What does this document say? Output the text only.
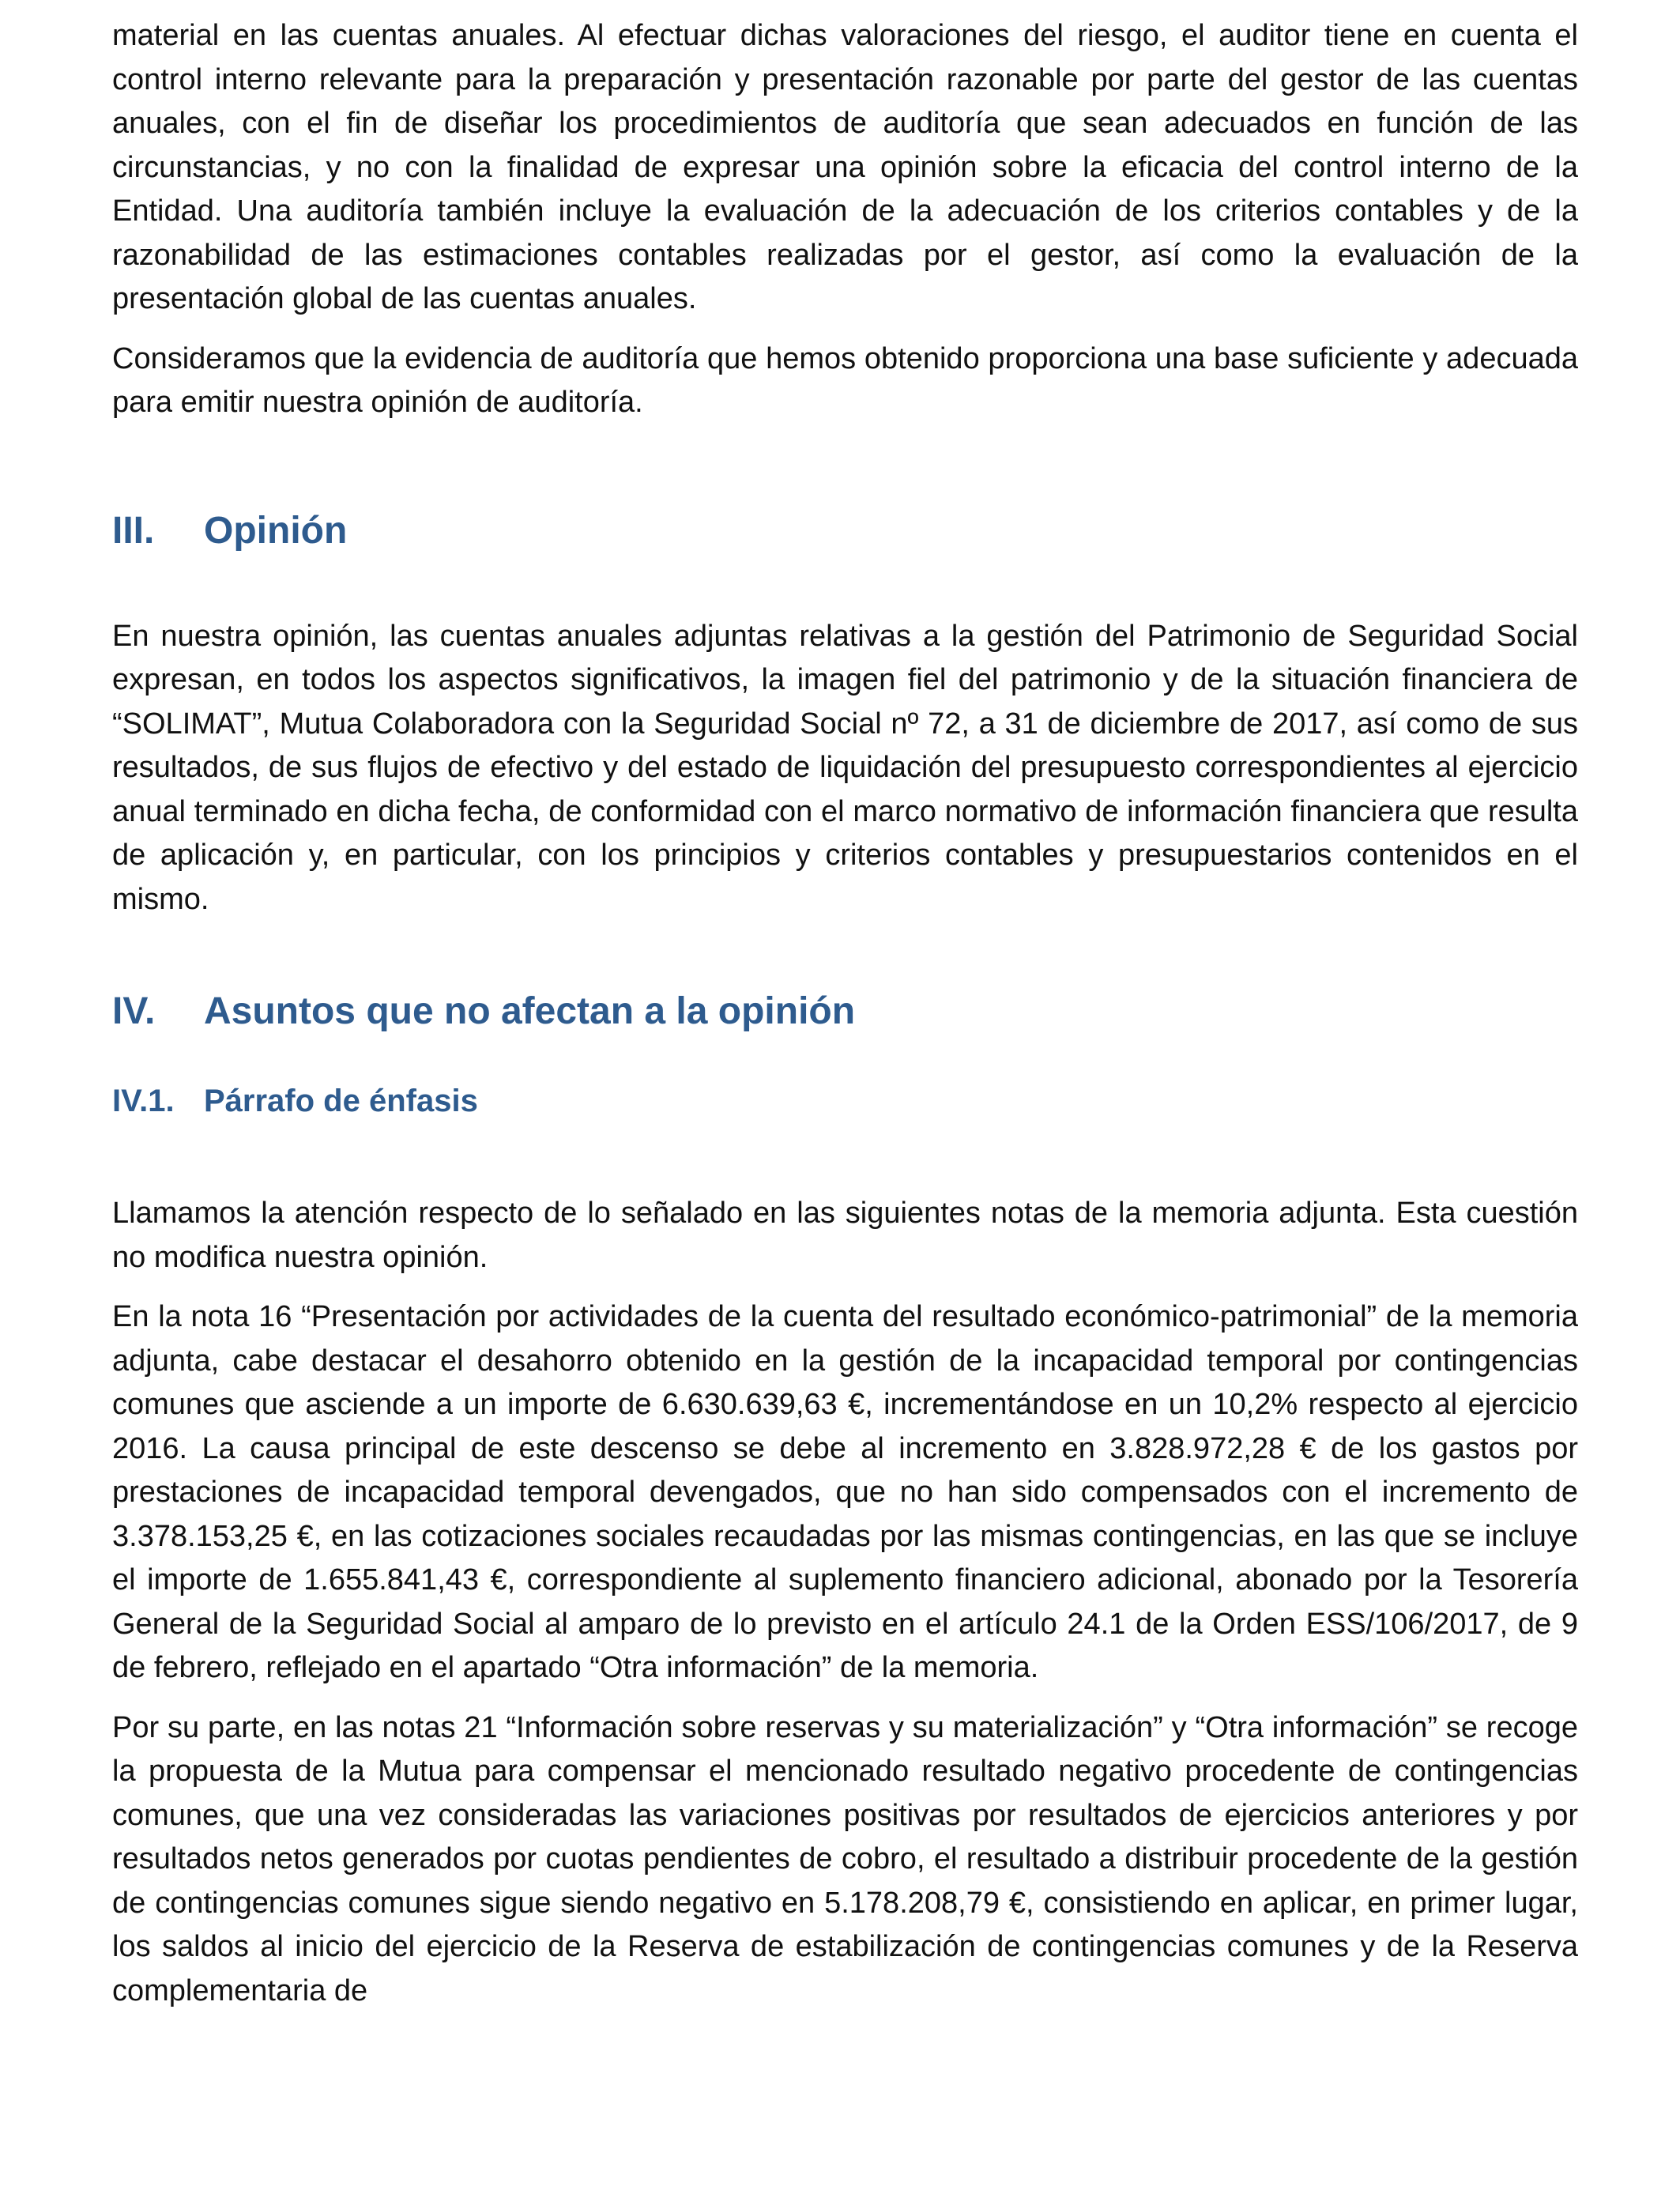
material en las cuentas anuales. Al efectuar dichas valoraciones del riesgo, el auditor tiene en cuenta el control interno relevante para la preparación y presentación razonable por parte del gestor de las cuentas anuales, con el fin de diseñar los procedimientos de auditoría que sean adecuados en función de las circunstancias, y no con la finalidad de expresar una opinión sobre la eficacia del control interno de la Entidad. Una auditoría también incluye la evaluación de la adecuación de los criterios contables y de la razonabilidad de las estimaciones contables realizadas por el gestor, así como la evaluación de la presentación global de las cuentas anuales.

Consideramos que la evidencia de auditoría que hemos obtenido proporciona una base suficiente y adecuada para emitir nuestra opinión de auditoría.

III.	Opinión

En nuestra opinión, las cuentas anuales adjuntas relativas a la gestión del Patrimonio de Seguridad Social expresan, en todos los aspectos significativos, la imagen fiel del patrimonio y de la situación financiera de “SOLIMAT”, Mutua Colaboradora con la Seguridad Social nº 72, a 31 de diciembre de 2017, así como de sus resultados, de sus flujos de efectivo y del estado de liquidación del presupuesto correspondientes al ejercicio anual terminado en dicha fecha, de conformidad con el marco normativo de información financiera que resulta de aplicación y, en particular, con los principios y criterios contables y presupuestarios contenidos en el mismo.

IV.	Asuntos que no afectan a la opinión
IV.1. Párrafo de énfasis

Llamamos la atención respecto de lo señalado en las siguientes notas de la memoria adjunta. Esta cuestión no modifica nuestra opinión.

En la nota 16 “Presentación por actividades de la cuenta del resultado económico-patrimonial” de la memoria adjunta, cabe destacar el desahorro obtenido en la gestión de la incapacidad temporal por contingencias comunes que asciende a un importe de 6.630.639,63 €, incrementándose en un 10,2% respecto al ejercicio 2016. La causa principal de este descenso se debe al incremento en 3.828.972,28 € de los gastos por prestaciones de incapacidad temporal devengados, que no han sido compensados con el incremento de 3.378.153,25 €, en las cotizaciones sociales recaudadas por las mismas contingencias, en las que se incluye el importe de 1.655.841,43 €, correspondiente al suplemento financiero adicional, abonado por la Tesorería General de la Seguridad Social al amparo de lo previsto en el artículo 24.1 de la Orden ESS/106/2017, de 9 de febrero, reflejado en el apartado “Otra información” de la memoria.

Por su parte, en las notas 21 “Información sobre reservas y su materialización” y “Otra información” se recoge la propuesta de la Mutua para compensar el mencionado resultado negativo procedente de contingencias comunes, que una vez consideradas las variaciones positivas por resultados de ejercicios anteriores y por resultados netos generados por cuotas pendientes de cobro, el resultado a distribuir procedente de la gestión de contingencias comunes sigue siendo negativo en 5.178.208,79 €, consistiendo en aplicar, en primer lugar, los saldos al inicio del ejercicio de la Reserva de estabilización de contingencias comunes y de la Reserva complementaria de
